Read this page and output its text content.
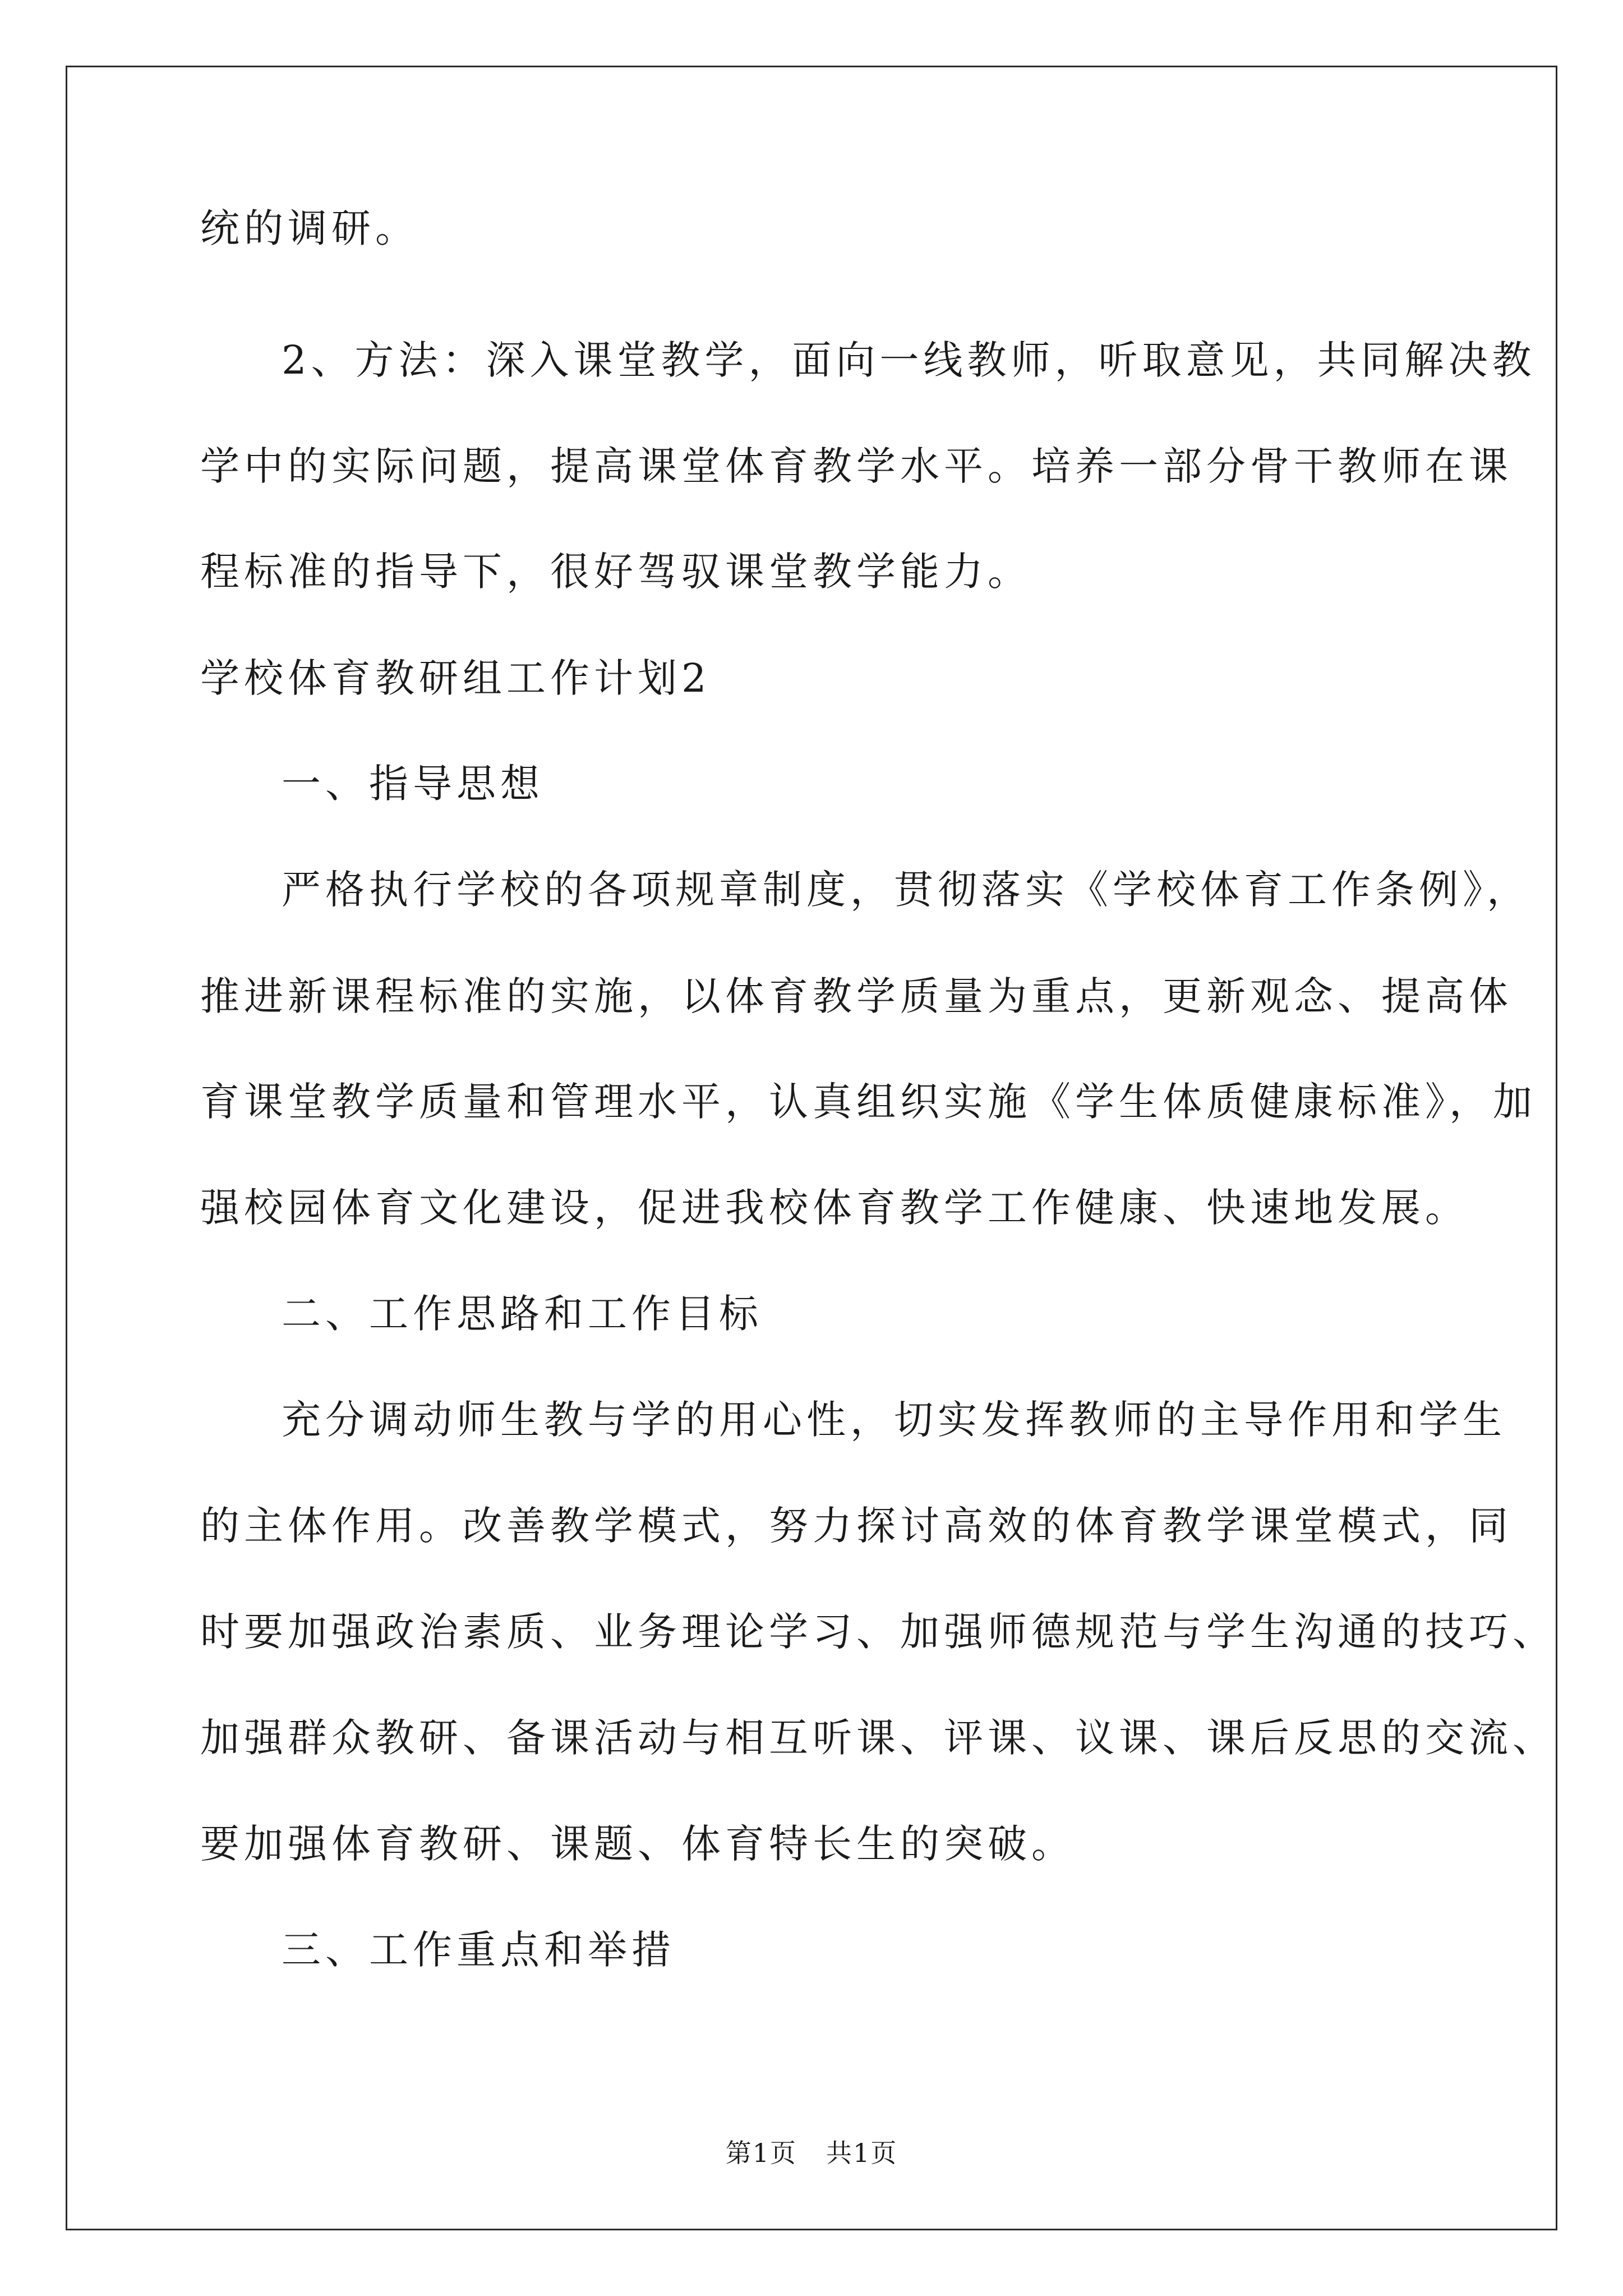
统的调研。
2、方法：深入课堂教学，面向一线教师，听取意见，共同解决教
学中的实际问题，提高课堂体育教学水平。培养一部分骨干教师在课
程标准的指导下，很好驾驭课堂教学能力。
学校体育教研组工作计划2
一、指导思想
严格执行学校的各项规章制度，贯彻落实《学校体育工作条例》，
推进新课程标准的实施，以体育教学质量为重点，更新观念、提高体
育课堂教学质量和管理水平，认真组织实施《学生体质健康标准》，加
强校园体育文化建设，促进我校体育教学工作健康、快速地发展。
二、工作思路和工作目标
充分调动师生教与学的用心性，切实发挥教师的主导作用和学生
的主体作用。改善教学模式，努力探讨高效的体育教学课堂模式，同
时要加强政治素质、业务理论学习、加强师德规范与学生沟通的技巧、
加强群众教研、备课活动与相互听课、评课、议课、课后反思的交流、
要加强体育教研、课题、体育特长生的突破。
三、工作重点和举措
第1页 共1页
